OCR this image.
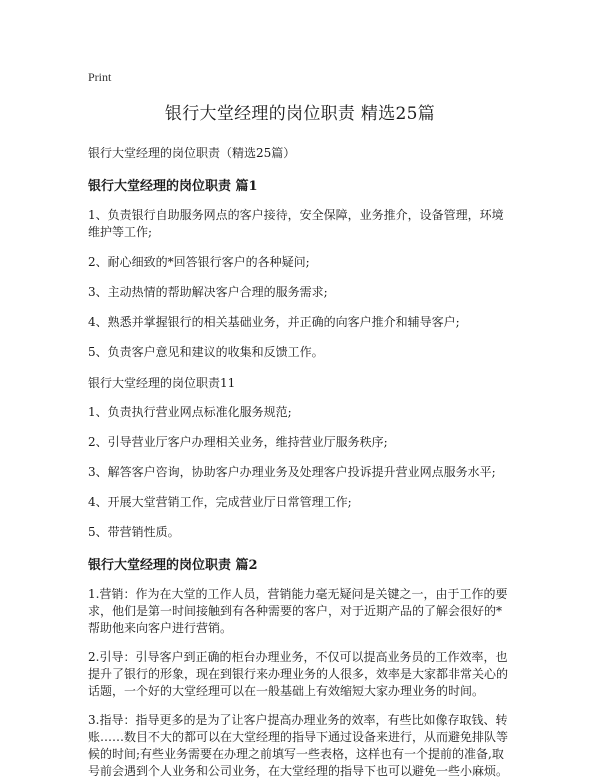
Print
银行大堂经理的岗位职责 精选25篇
银行大堂经理的岗位职责（精选25篇）
银行大堂经理的岗位职责 篇1
1、负责银行自助服务网点的客户接待，安全保障，业务推介，设备管理，环境维护等工作;
2、耐心细致的*回答银行客户的各种疑问;
3、主动热情的帮助解决客户合理的服务需求;
4、熟悉并掌握银行的相关基础业务，并正确的向客户推介和辅导客户;
5、负责客户意见和建议的收集和反馈工作。
银行大堂经理的岗位职责11
1、负责执行营业网点标准化服务规范;
2、引导营业厅客户办理相关业务，维持营业厅服务秩序;
3、解答客户咨询，协助客户办理业务及处理客户投诉提升营业网点服务水平;
4、开展大堂营销工作，完成营业厅日常管理工作;
5、带营销性质。
银行大堂经理的岗位职责 篇2
1.营销：作为在大堂的工作人员，营销能力毫无疑问是关键之一，由于工作的要求，他们是第一时间接触到有各种需要的客户，对于近期产品的了解会很好的*帮助他来向客户进行营销。
2.引导：引导客户到正确的柜台办理业务，不仅可以提高业务员的工作效率，也提升了银行的形象，现在到银行来办理业务的人很多，效率是大家都非常关心的话题，一个好的大堂经理可以在一般基础上有效缩短大家办理业务的时间。
3.指导：指导更多的是为了让客户提高办理业务的效率，有些比如像存取钱、转账……数目不大的都可以在大堂经理的指导下通过设备来进行，从而避免排队等候的时间;有些业务需要在办理之前填写一些表格，这样也有一个提前的准备,取号前会遇到个人业务和公司业务，在大堂经理的指导下也可以避免一些小麻烦。
